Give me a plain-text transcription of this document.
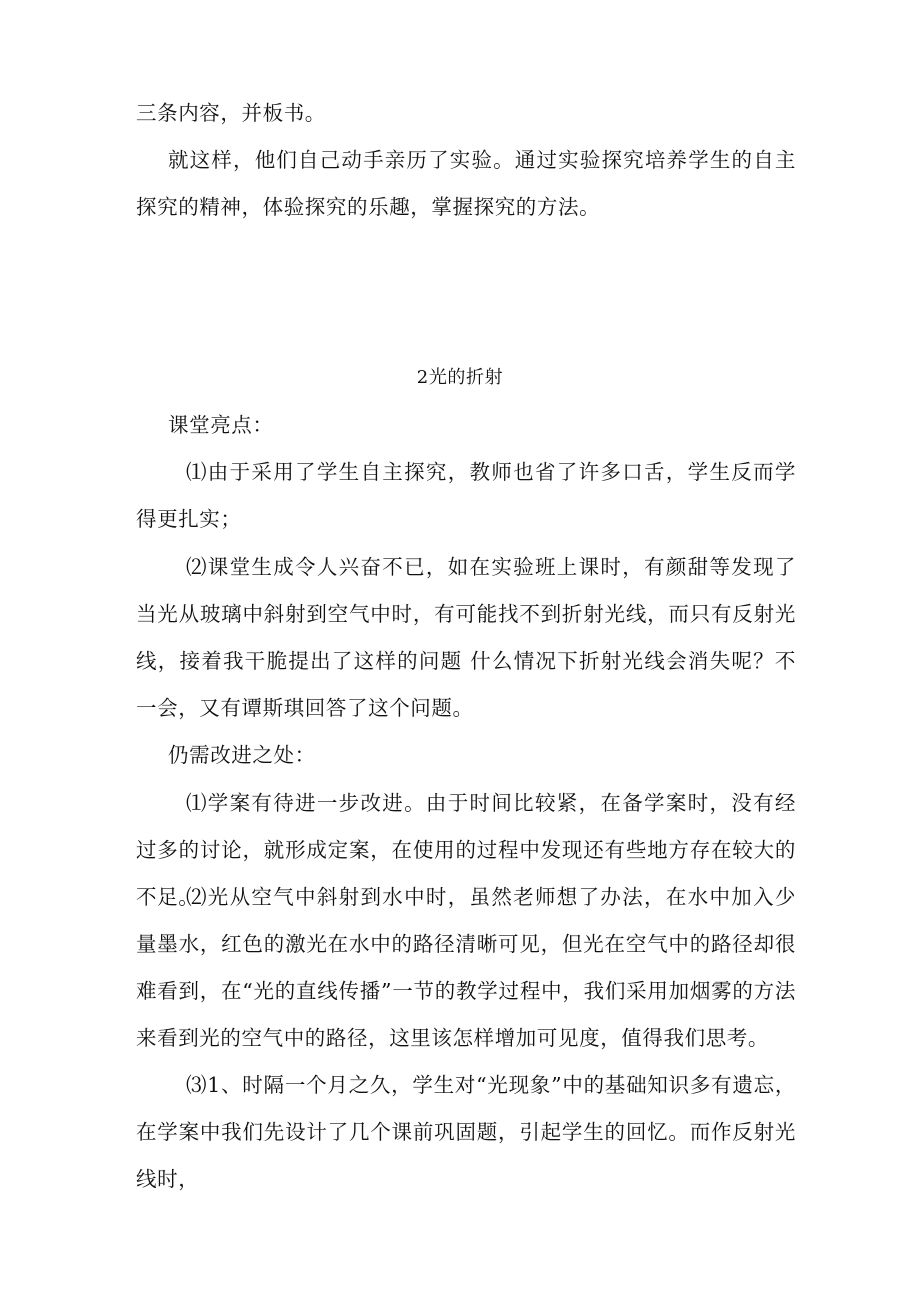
三条内容，并板书。

就这样，他们自己动手亲历了实验。通过实验探究培养学生的自主探究的精神，体验探究的乐趣，掌握探究的方法。

2光的折射

课堂亮点：

⑴由于采用了学生自主探究，教师也省了许多口舌，学生反而学得更扎实；

⑵课堂生成令人兴奋不已，如在实验班上课时，有颜甜等发现了当光从玻璃中斜射到空气中时，有可能找不到折射光线，而只有反射光线，接着我干脆提出了这样的问题 什么情况下折射光线会消失呢？不一会，又有谭斯琪回答了这个问题。

仍需改进之处：

⑴学案有待进一步改进。由于时间比较紧，在备学案时，没有经过多的讨论，就形成定案，在使用的过程中发现还有些地方存在较大的不足。

⑵光从空气中斜射到水中时，虽然老师想了办法，在水中加入少量墨水，红色的激光在水中的路径清晰可见，但光在空气中的路径却很难看到，在“光的直线传播”一节的教学过程中，我们采用加烟雾的方法来看到光的空气中的路径，这里该怎样增加可见度，值得我们思考。

⑶1、时隔一个月之久，学生对“光现象”中的基础知识多有遗忘，在学案中我们先设计了几个课前巩固题，引起学生的回忆。而作反射光线时，
